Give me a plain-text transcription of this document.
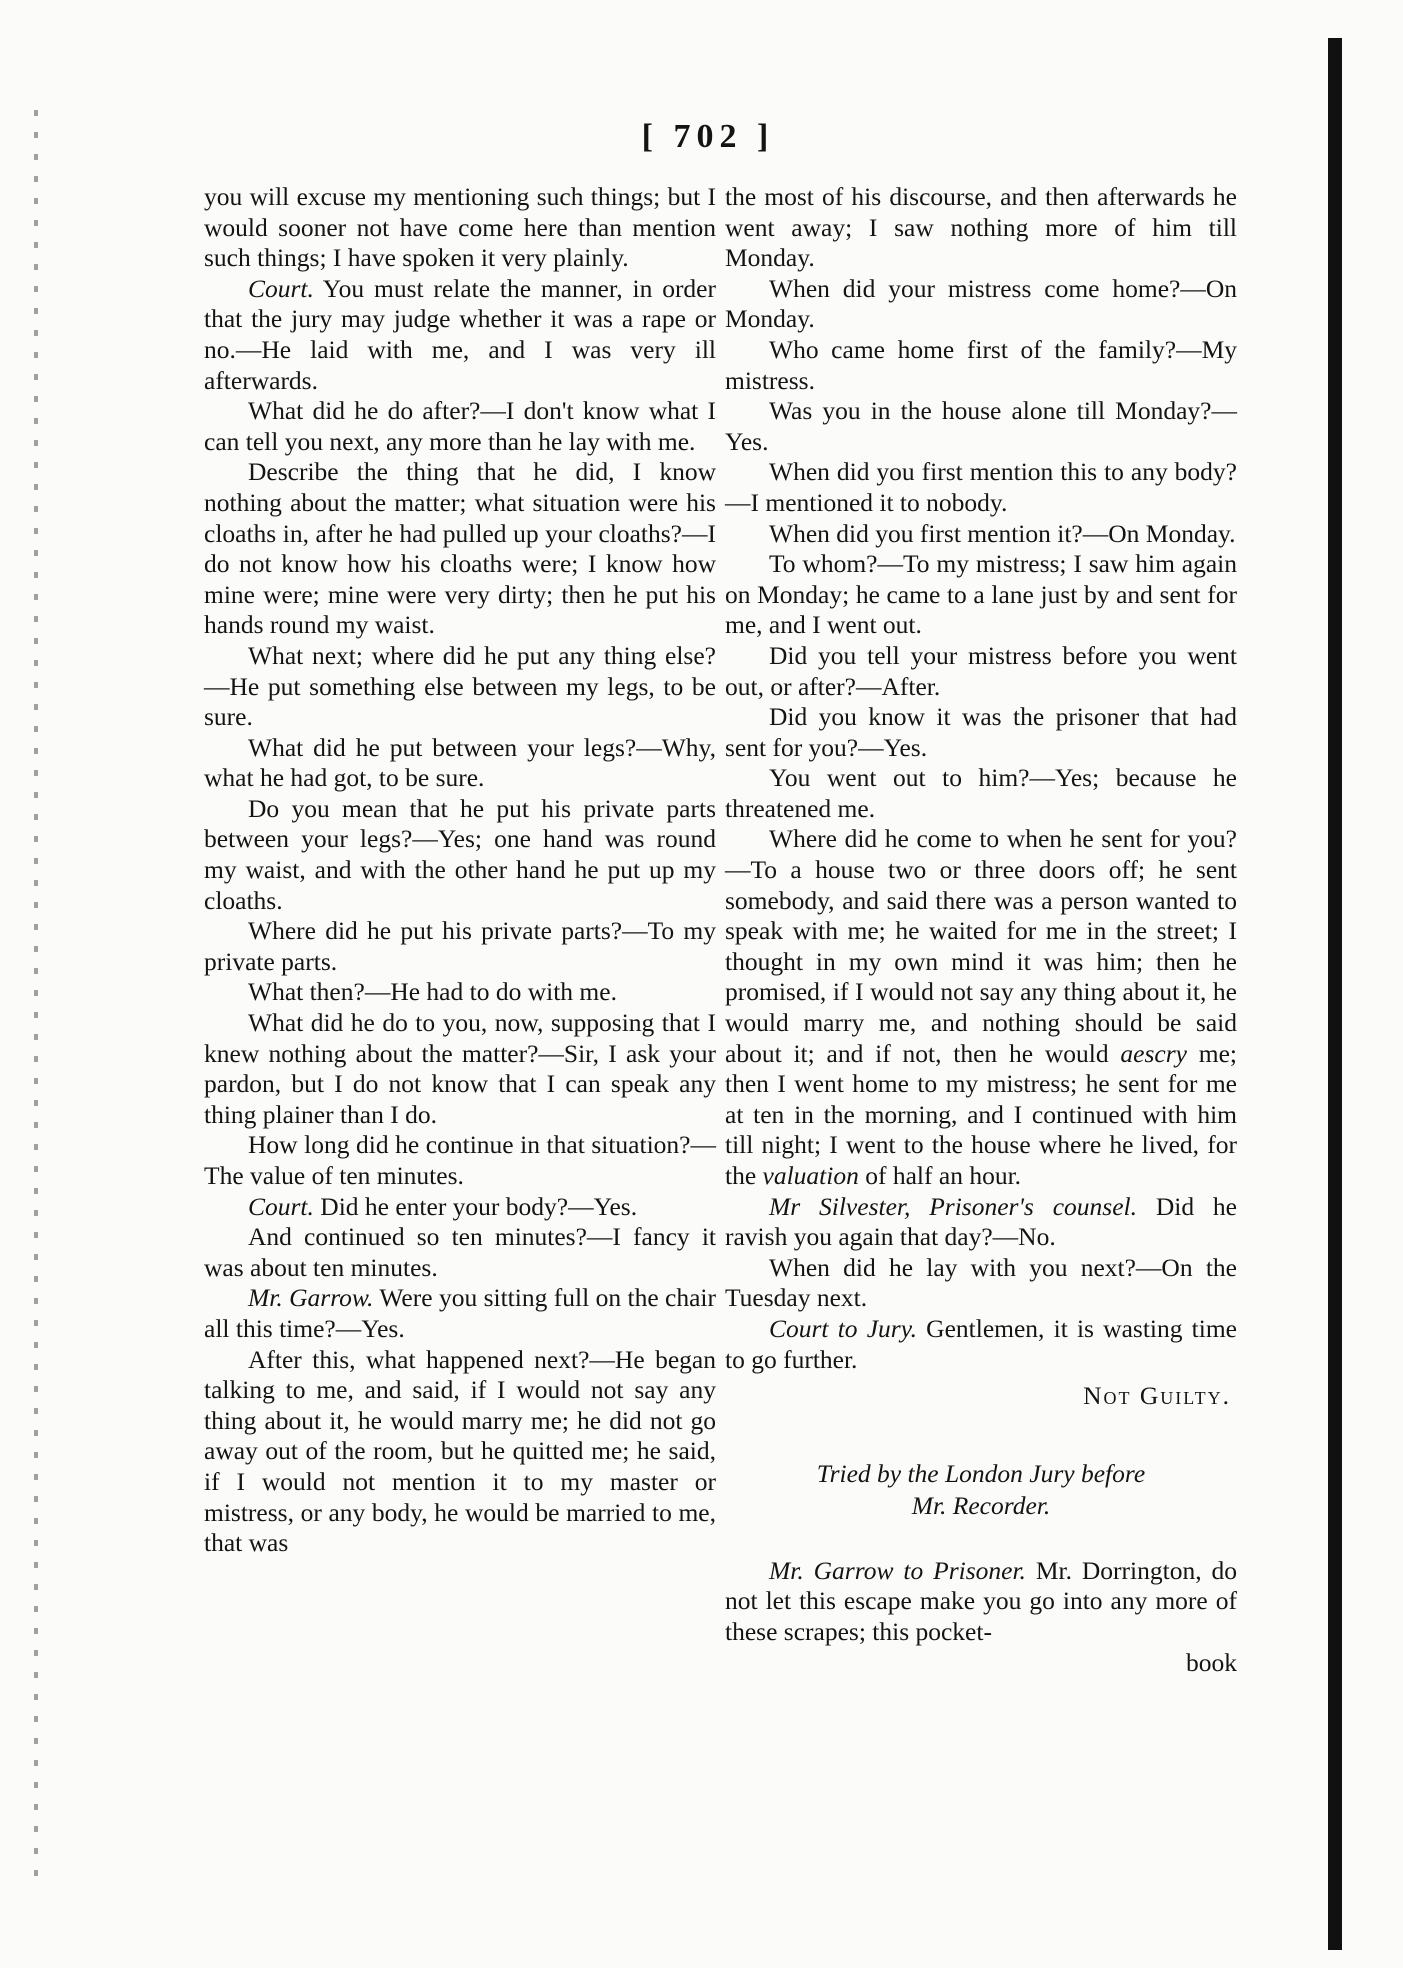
[ 702 ]

you will excuse my mentioning such things; but I would sooner not have come here than mention such things; I have spoken it very plainly.

Court. You must relate the manner, in order that the jury may judge whether it was a rape or no.—He laid with me, and I was very ill afterwards.

What did he do after?—I don't know what I can tell you next, any more than he lay with me.

Describe the thing that he did, I know nothing about the matter; what situation were his cloaths in, after he had pulled up your cloaths?—I do not know how his cloaths were; I know how mine were; mine were very dirty; then he put his hands round my waist.

What next; where did he put any thing else?—He put something else between my legs, to be sure.

What did he put between your legs?—Why, what he had got, to be sure.

Do you mean that he put his private parts between your legs?—Yes; one hand was round my waist, and with the other hand he put up my cloaths.

Where did he put his private parts?—To my private parts.

What then?—He had to do with me.

What did he do to you, now, supposing that I knew nothing about the matter?—Sir, I ask your pardon, but I do not know that I can speak any thing plainer than I do.

How long did he continue in that situation?—The value of ten minutes.

Court. Did he enter your body?—Yes.

And continued so ten minutes?—I fancy it was about ten minutes.

Mr. Garrow. Were you sitting full on the chair all this time?—Yes.

After this, what happened next?—He began talking to me, and said, if I would not say any thing about it, he would marry me; he did not go away out of the room, but he quitted me; he said, if I would not mention it to my master or mistress, or any body, he would be married to me, that was

the most of his discourse, and then afterwards he went away; I saw nothing more of him till Monday.

When did your mistress come home?—On Monday.

Who came home first of the family?—My mistress.

Was you in the house alone till Monday?—Yes.

When did you first mention this to any body?—I mentioned it to nobody.

When did you first mention it?—On Monday.

To whom?—To my mistress; I saw him again on Monday; he came to a lane just by and sent for me, and I went out.

Did you tell your mistress before you went out, or after?—After.

Did you know it was the prisoner that had sent for you?—Yes.

You went out to him?—Yes; because he threatened me.

Where did he come to when he sent for you?—To a house two or three doors off; he sent somebody, and said there was a person wanted to speak with me; he waited for me in the street; I thought in my own mind it was him; then he promised, if I would not say any thing about it, he would marry me, and nothing should be said about it; and if not, then he would aescry me; then I went home to my mistress; he sent for me at ten in the morning, and I continued with him till night; I went to the house where he lived, for the valuation of half an hour.

Mr Silvester, Prisoner's counsel. Did he ravish you again that day?—No.

When did he lay with you next?—On the Tuesday next.

Court to Jury. Gentlemen, it is wasting time to go further.

Not Guilty.

Tried by the London Jury before
Mr. Recorder.

Mr. Garrow to Prisoner. Mr. Dorrington, do not let this escape make you go into any more of these scrapes; this pocket-

book
